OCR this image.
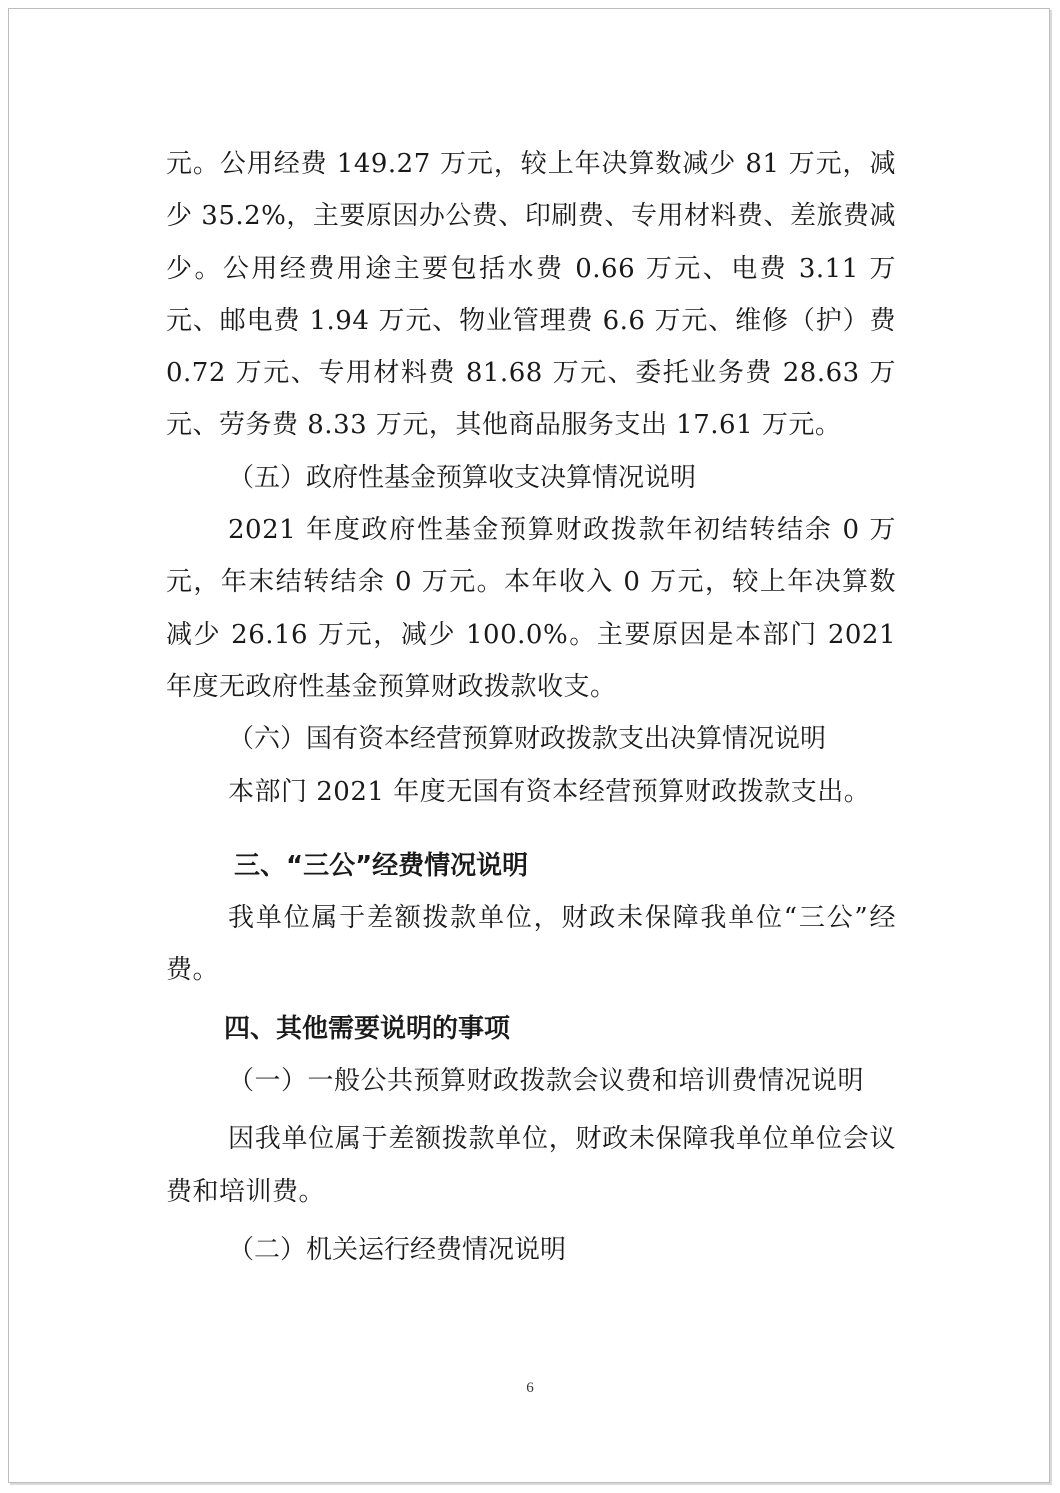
元。公用经费 149.27 万元，较上年决算数减少 81 万元，减少 35.2%，主要原因办公费、印刷费、专用材料费、差旅费减少。公用经费用途主要包括水费 0.66 万元、电费 3.11 万元、邮电费 1.94 万元、物业管理费 6.6 万元、维修（护）费 0.72 万元、专用材料费 81.68 万元、委托业务费 28.63 万元、劳务费 8.33 万元，其他商品服务支出 17.61 万元。

（五）政府性基金预算收支决算情况说明

2021 年度政府性基金预算财政拨款年初结转结余 0 万元，年末结转结余 0 万元。本年收入 0 万元，较上年决算数减少 26.16 万元，减少 100.0%。主要原因是本部门 2021 年度无政府性基金预算财政拨款收支。

（六）国有资本经营预算财政拨款支出决算情况说明

本部门 2021 年度无国有资本经营预算财政拨款支出。

三、“三公”经费情况说明

我单位属于差额拨款单位，财政未保障我单位“三公”经费。

四、其他需要说明的事项

（一）一般公共预算财政拨款会议费和培训费情况说明

因我单位属于差额拨款单位，财政未保障我单位单位会议费和培训费。

（二）机关运行经费情况说明

6
